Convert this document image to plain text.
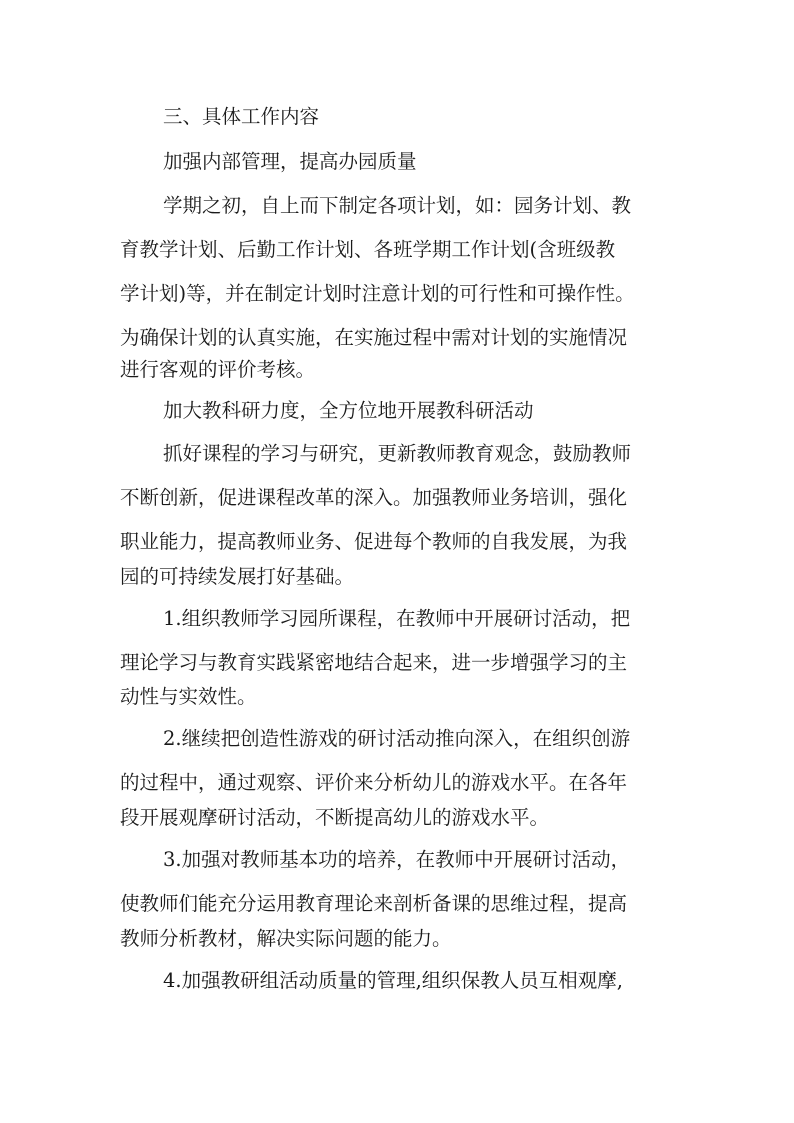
三、具体工作内容
加强内部管理，提高办园质量
学期之初，自上而下制定各项计划，如：园务计划、教
育教学计划、后勤工作计划、各班学期工作计划(含班级教
学计划)等，并在制定计划时注意计划的可行性和可操作性。
为确保计划的认真实施，在实施过程中需对计划的实施情况
进行客观的评价考核。
加大教科研力度，全方位地开展教科研活动
抓好课程的学习与研究，更新教师教育观念，鼓励教师
不断创新，促进课程改革的深入。加强教师业务培训，强化
职业能力，提高教师业务、促进每个教师的自我发展，为我
园的可持续发展打好基础。
1.组织教师学习园所课程，在教师中开展研讨活动，把
理论学习与教育实践紧密地结合起来，进一步增强学习的主
动性与实效性。
2.继续把创造性游戏的研讨活动推向深入，在组织创游
的过程中，通过观察、评价来分析幼儿的游戏水平。在各年
段开展观摩研讨活动，不断提高幼儿的游戏水平。
3.加强对教师基本功的培养，在教师中开展研讨活动，
使教师们能充分运用教育理论来剖析备课的思维过程，提高
教师分析教材，解决实际问题的能力。
4.加强教研组活动质量的管理,组织保教人员互相观摩,
